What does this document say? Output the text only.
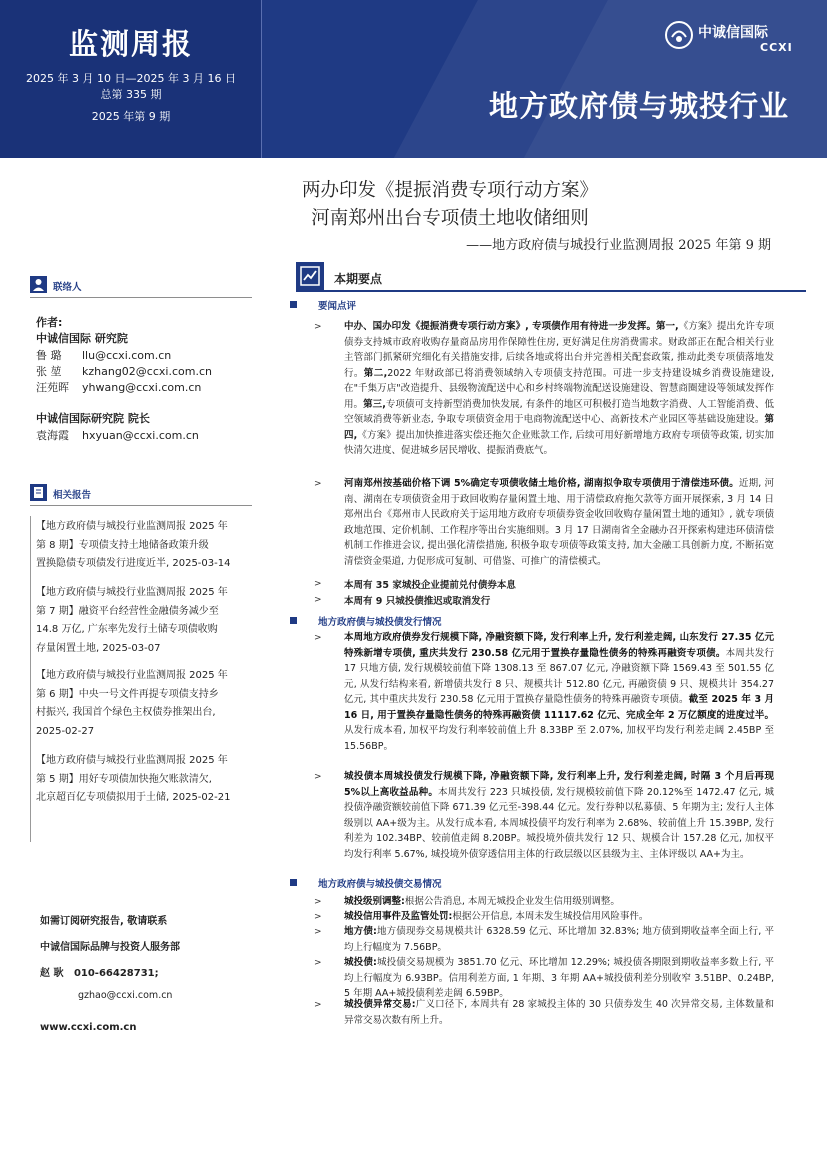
监测周报
2025 年 3 月 10 日—2025 年 3 月 16 日
总第 335 期
2025 年第 9 期
中诚信国际
CCXI
地方政府债与城投行业
两办印发《提振消费专项行动方案》
河南郑州出台专项债土地收储细则
——地方政府债与城投行业监测周报 2025 年第 9 期
联络人
作者:
中诚信国际 研究院
鲁 璐 llu@ccxi.com.cn
张 堃 kzhang02@ccxi.com.cn
汪苑晖 yhwang@ccxi.com.cn
中诚信国际研究院 院长
袁海霞 hxyuan@ccxi.com.cn
相关报告
【地方政府债与城投行业监测周报 2025 年
第 8 期】专项债支持土地储备政策升级
置换隐债专项债发行进度近半, 2025-03-14
【地方政府债与城投行业监测周报 2025 年
第 7 期】融资平台经营性金融债务减少至
14.8 万亿, 广东率先发行土储专项债收购
存量闲置土地, 2025-03-07
【地方政府债与城投行业监测周报 2025 年
第 6 期】中央一号文件再提专项债支持乡
村振兴, 我国首个绿色主权债券推架出台,
2025-02-27
【地方政府债与城投行业监测周报 2025 年
第 5 期】用好专项债加快拖欠账款清欠,
北京超百亿专项债拟用于土储, 2025-02-21
如需订阅研究报告, 敬请联系
中诚信国际品牌与投资人服务部
赵 耿 010-66428731;
gzhao@ccxi.com.cn
www.ccxi.com.cn
本期要点
要闻点评
> 中办、国办印发《提振消费专项行动方案》, 专项债作用有待进一步发挥。第一,《方案》提出允许专项债券支持城市政府收购存量商品房用作保障性住房, 更好满足住房消费需求。财政部正在配合相关行业主管部门抓紧研究细化有关措施安排, 后续各地或将出台并完善相关配套政策, 推动此类专项债落地发行。第二,2022 年财政部已将消费领域纳入专项债支持范围。可进一步支持建设城乡消费设施建设, 在"千集万店"改造提升、县级物流配送中心和乡村终端物流配送设施建设、智慧商圈建设等领域发挥作用。第三,专项债可支持新型消费加快发展, 有条件的地区可积极打造当地数字消费、人工智能消费、低空领域消费等新业态, 争取专项债资金用于电商物流配送中心、高新技术产业园区等基础设施建设。第四,《方案》提出加快推进落实偿还拖欠企业账款工作, 后续可用好新增地方政府专项债等政策, 切实加快清欠进度、促进城乡居民增收、提振消费底气。
> 河南郑州按基础价格下调 5%确定专项债收储土地价格, 湖南拟争取专项债用于清偿违环债。近期, 河南、湖南在专项债资金用于政回收购存量闲置土地、用于清偿政府拖欠款等方面开展探索, 3 月 14 日郑州出台《郑州市人民政府关于运用地方政府专项债券资金收回收购存量闲置土地的通知》, 就专项债政地范围、定价机制、工作程序等出台实施细则。3 月 17 日湖南省全金融办召开探索构建违环债清偿机制工作推进会议, 提出强化清偿措施, 积极争取专项债等政策支持, 加大金融工具创新力度, 不断拓宽清偿资金渠道, 力促形成可复制、可借鉴、可推广的清偿模式。
> 本周有 35 家城投企业提前兑付债券本息
> 本周有 9 只城投债推迟或取消发行
地方政府债与城投债发行情况
> 本周地方政府债券发行规模下降, 净融资额下降, 发行利率上升, 发行利差走阔, 山东发行 27.35 亿元特殊新增专项债, 重庆共发行 230.58 亿元用于置换存量隐性债务的特殊再融资专项债。本周共发行 17 只地方债, 发行规模较前值下降 1308.13 至 867.07 亿元, 净融资额下降 1569.43 至 501.55 亿元, 从发行结构来看, 新增债共发行 8 只、规模共计 512.80 亿元, 再融资债 9 只、规模共计 354.27 亿元, 其中重庆共发行 230.58 亿元用于置换存量隐性债务的特殊再融资专项债。截至 2025 年 3 月 16 日, 用于置换存量隐性债务的特殊再融资债 11117.62 亿元、完成全年 2 万亿额度的进度过半。从发行成本看, 加权平均发行利率较前值上升 8.33BP 至 2.07%, 加权平均发行利差走阔 2.45BP 至 15.56BP。
> 城投债本周城投债发行规模下降, 净融资额下降, 发行利率上升, 发行利差走阔, 时隔 3 个月后再现 5%以上高收益品种。本周共发行 223 只城投债, 发行规模较前值下降 20.12%至 1472.47 亿元, 城投债净融资额较前值下降 671.39 亿元至-398.44 亿元。发行券种以私募债、5 年期为主; 发行人主体级别以 AA+级为主。从发行成本看, 本周城投债平均发行利率为 2.68%、较前值上升 15.39BP, 发行利差为 102.34BP、较前值走阔 8.20BP。城投境外债共发行 12 只、规模合计 157.28 亿元, 加权平均发行利率 5.67%, 城投境外债穿透信用主体的行政层级以区县级为主、主体评级以 AA+为主。
地方政府债与城投债交易情况
> 城投级别调整:根据公告消息, 本周无城投企业发生信用级别调整。
> 城投信用事件及监管处罚:根据公开信息, 本周未发生城投信用风险事件。
> 地方债:地方债现券交易规模共计 6328.59 亿元、环比增加 32.83%; 地方债到期收益率全面上行, 平均上行幅度为 7.56BP。
> 城投债:城投债交易规模为 3851.70 亿元、环比增加 12.29%; 城投债各期限到期收益率多数上行, 平均上行幅度为 6.93BP。信用利差方面, 1 年期、3 年期 AA+城投债利差分别收窄 3.51BP、0.24BP, 5 年期 AA+城投债利差走阔 6.59BP。
> 城投债异常交易:广义口径下, 本周共有 28 家城投主体的 30 只债券发生 40 次异常交易, 主体数量和异常交易次数有所上升。
